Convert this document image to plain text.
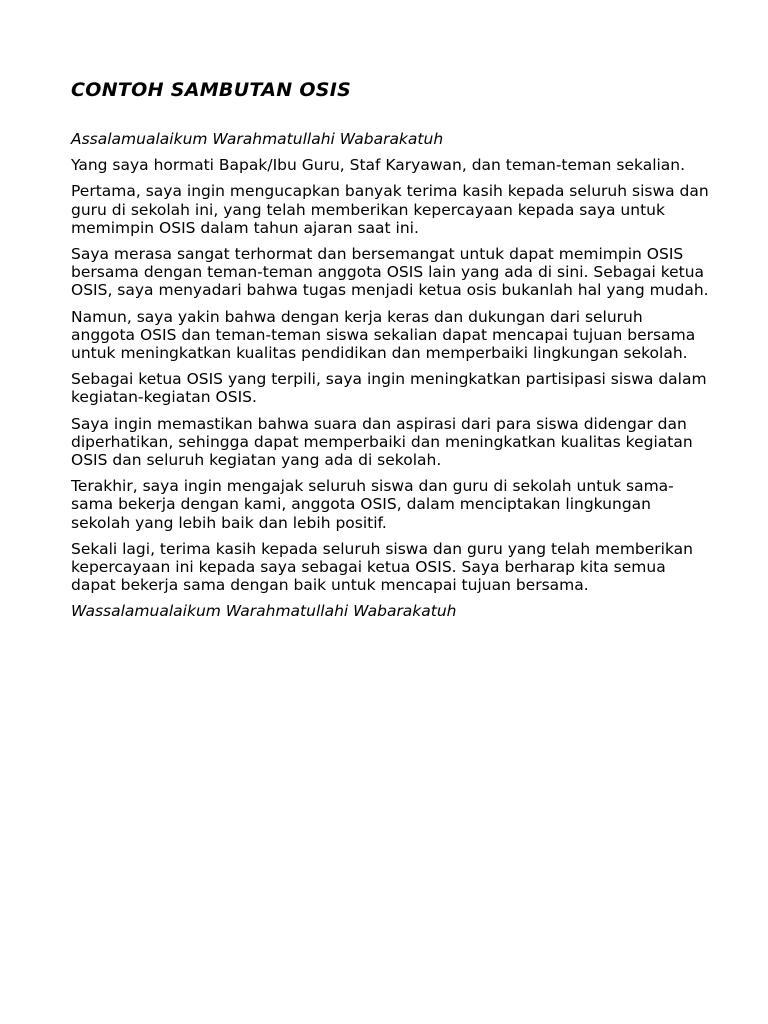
CONTOH SAMBUTAN OSIS

Assalamualaikum Warahmatullahi Wabarakatuh

Yang saya hormati Bapak/Ibu Guru, Staf Karyawan, dan teman-teman sekalian.

Pertama, saya ingin mengucapkan banyak terima kasih kepada seluruh siswa dan guru di sekolah ini, yang telah memberikan kepercayaan kepada saya untuk memimpin OSIS dalam tahun ajaran saat ini.

Saya merasa sangat terhormat dan bersemangat untuk dapat memimpin OSIS bersama dengan teman-teman anggota OSIS lain yang ada di sini. Sebagai ketua OSIS, saya menyadari bahwa tugas menjadi ketua osis bukanlah hal yang mudah.

Namun, saya yakin bahwa dengan kerja keras dan dukungan dari seluruh anggota OSIS dan teman-teman siswa sekalian dapat mencapai tujuan bersama untuk meningkatkan kualitas pendidikan dan memperbaiki lingkungan sekolah.

Sebagai ketua OSIS yang terpili, saya ingin meningkatkan partisipasi siswa dalam kegiatan-kegiatan OSIS.

Saya ingin memastikan bahwa suara dan aspirasi dari para siswa didengar dan diperhatikan, sehingga dapat memperbaiki dan meningkatkan kualitas kegiatan OSIS dan seluruh kegiatan yang ada di sekolah.

Terakhir, saya ingin mengajak seluruh siswa dan guru di sekolah untuk sama-sama bekerja dengan kami, anggota OSIS, dalam menciptakan lingkungan sekolah yang lebih baik dan lebih positif.

Sekali lagi, terima kasih kepada seluruh siswa dan guru yang telah memberikan kepercayaan ini kepada saya sebagai ketua OSIS. Saya berharap kita semua dapat bekerja sama dengan baik untuk mencapai tujuan bersama.

Wassalamualaikum Warahmatullahi Wabarakatuh
